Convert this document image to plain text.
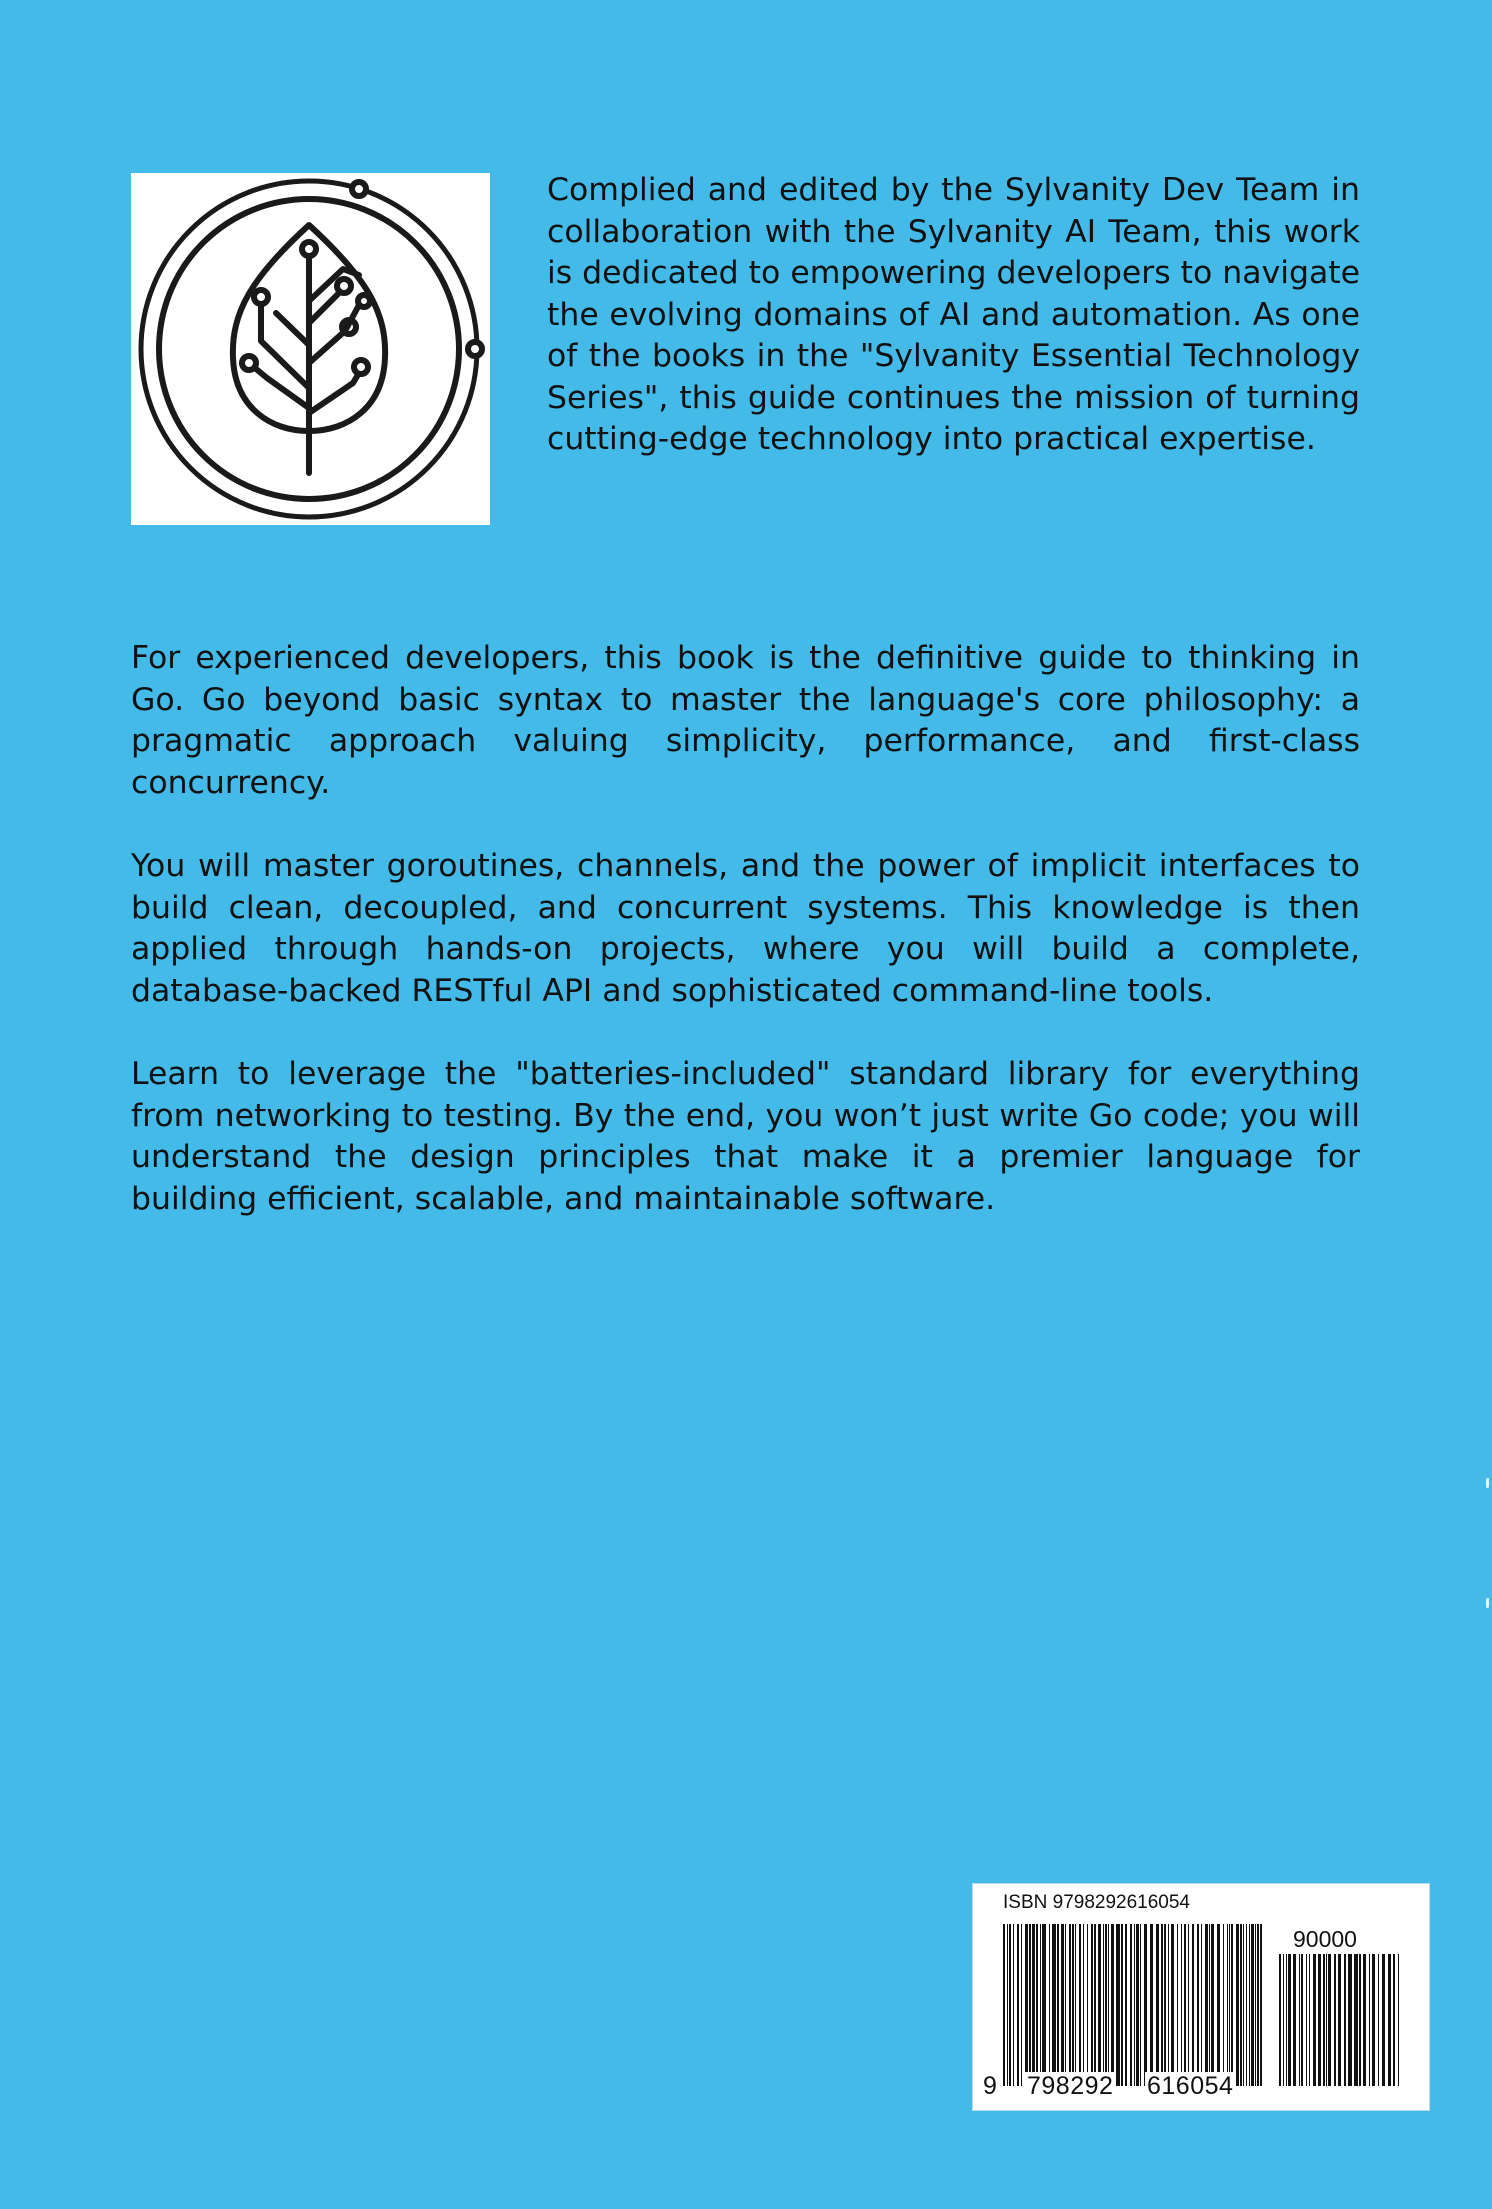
Complied and edited by the Sylvanity Dev Team in collaboration with the Sylvanity AI Team, this work is dedicated to empowering developers to navigate the evolving domains of AI and automation. As one of the books in the "Sylvanity Essential Technology Series", this guide continues the mission of turning cutting-edge technology into practical expertise.

For experienced developers, this book is the definitive guide to thinking in Go. Go beyond basic syntax to master the language's core philosophy: a pragmatic approach valuing simplicity, performance, and first-class concurrency.

You will master goroutines, channels, and the power of implicit interfaces to build clean, decoupled, and concurrent systems. This knowledge is then applied through hands-on projects, where you will build a complete, database-backed RESTful API and sophisticated command-line tools.

Learn to leverage the "batteries-included" standard library for everything from networking to testing. By the end, you won’t just write Go code; you will understand the design principles that make it a premier language for building efficient, scalable, and maintainable software.

ISBN 9798292616054
90000
9 798292 616054
